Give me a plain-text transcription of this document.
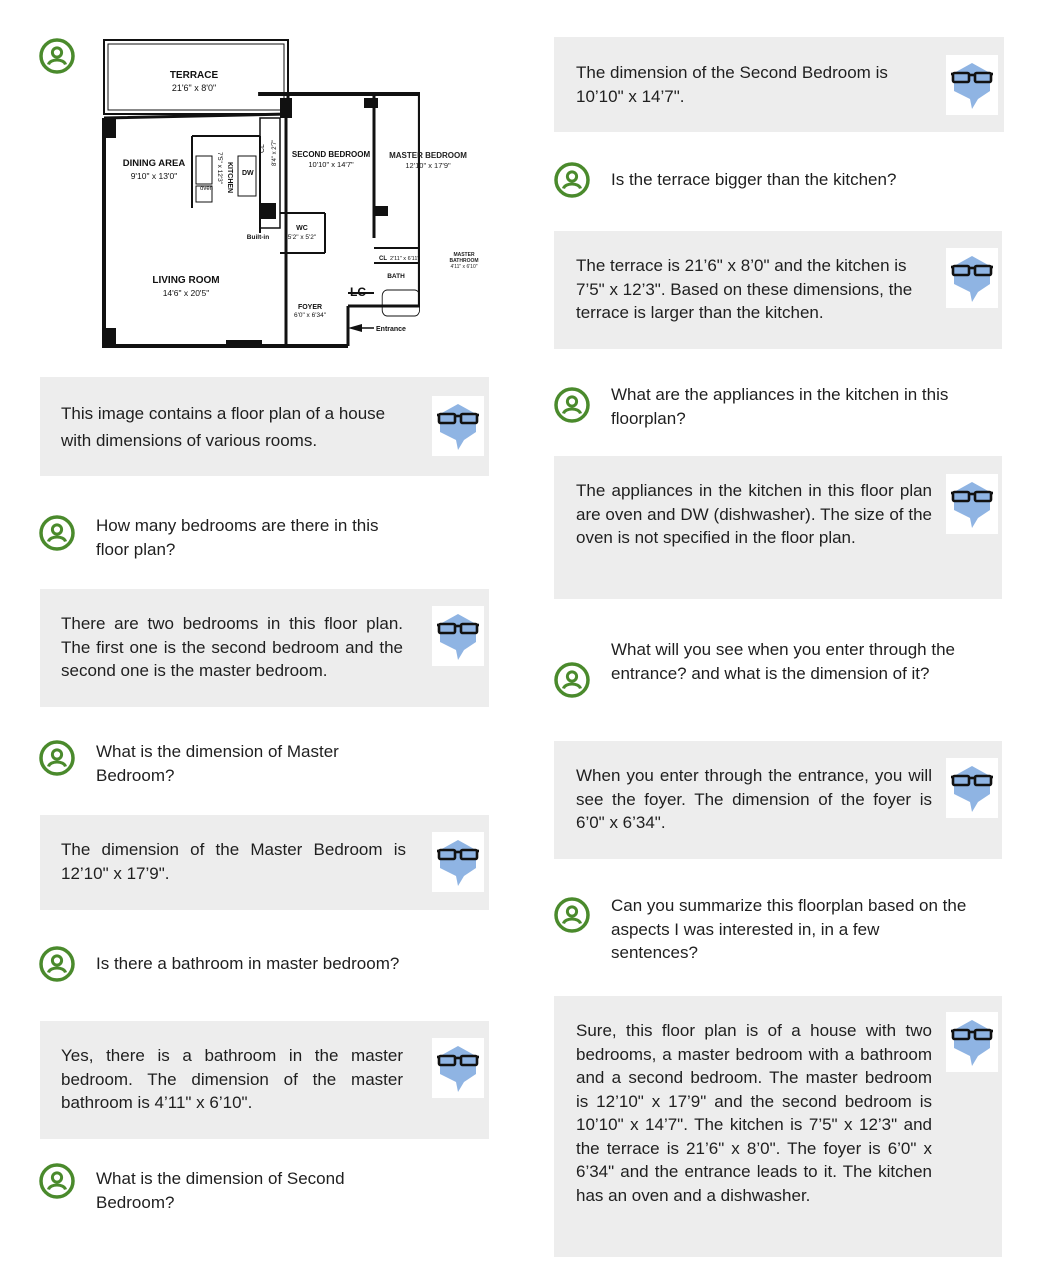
TERRACE
21'6" x 8'0"
SECOND BEDROOM
10'10" x 14'7"
DINING AREA
9'10" x 13'0"	KITCHEN
7'5" x 12'3"	DW
oven
CL 8'4" x 2'7"
WC
5'2" x 5'2"
Built-in
LIVING ROOM
14'6" x 20'5"
FOYER
6'0" x 6'34"
LC
CL 2'11" x 6'11"
BATH
Entrance
MASTER BEDROOM
12'10" x 17'9"
MASTER BATHROOM
4'11" x 6'10"
This image contains a floor plan of a house with dimensions of various rooms.
How many bedrooms are there in this floor plan?
There are two bedrooms in this floor plan. The first one is the second bedroom and the second one is the master bedroom.
What is the dimension of Master Bedroom?
The dimension of the Master Bedroom is 12’10" x 17’9".
Is there a bathroom in master bedroom?
Yes, there is a bathroom in the master bedroom. The dimension of the master bathroom is 4’11" x 6’10".
What is the dimension of Second Bedroom?
The dimension of the Second Bedroom is 10’10" x 14’7".
Is the terrace bigger than the kitchen?
The terrace is 21’6" x 8’0" and the kitchen is 7’5" x 12’3". Based on these dimensions, the terrace is larger than the kitchen.
What are the appliances in the kitchen in this floorplan?
The appliances in the kitchen in this floor plan are oven and DW (dishwasher). The size of the oven is not specified in the floor plan.
What will you see when you enter through the entrance? and what is the dimension of it?
When you enter through the entrance, you will see the foyer. The dimension of the foyer is 6’0" x 6’34".
Can you summarize this floorplan based on the aspects I was interested in, in a few sentences?
Sure, this floor plan is of a house with two bedrooms, a master bedroom with a bathroom and a second bedroom. The master bedroom is 12’10" x 17’9" and the second bedroom is 10’10" x 14’7". The kitchen is 7’5" x 12’3" and the terrace is 21’6" x 8’0". The foyer is 6’0" x 6’34" and the entrance leads to it. The kitchen has an oven and a dishwasher.
